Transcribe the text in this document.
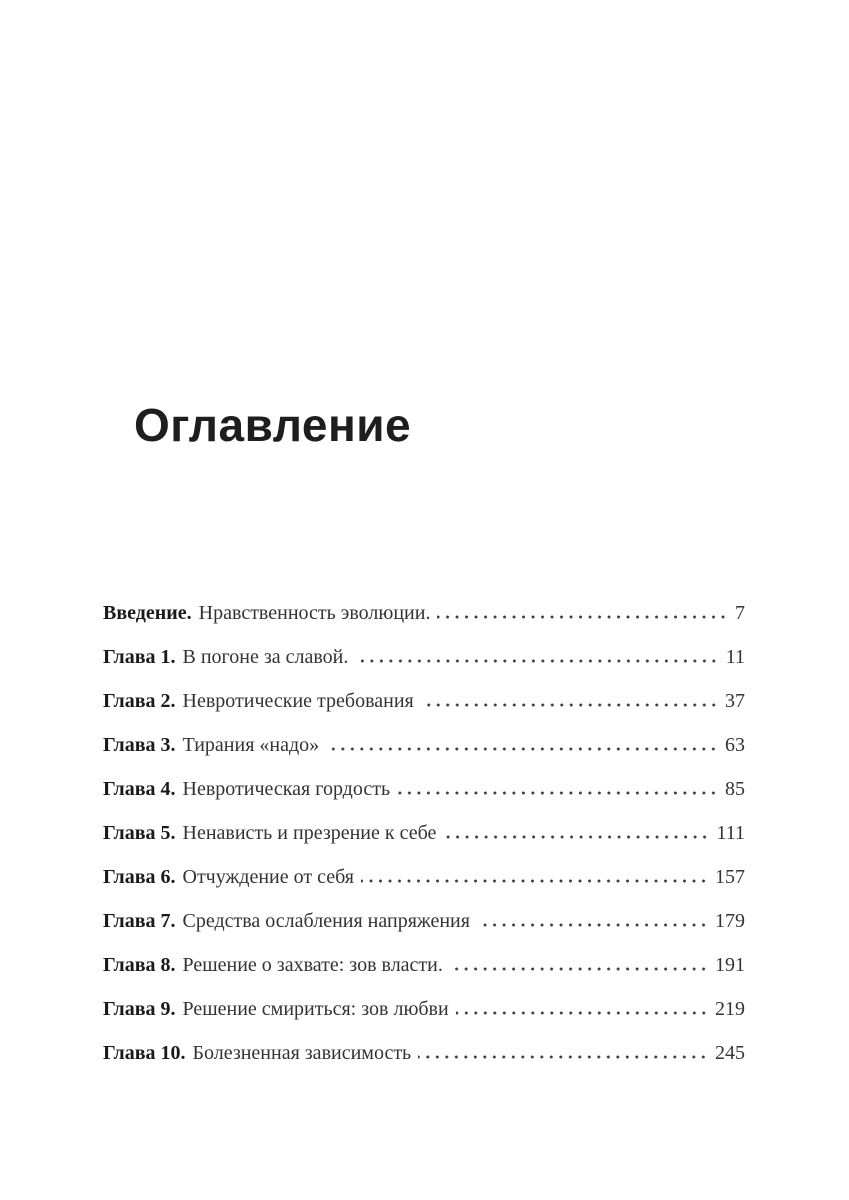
Оглавление
Введение. Нравственность эволюции.	7
Глава 1. В погоне за славой.	11
Глава 2. Невротические требования	37
Глава 3. Тирания «надо»	63
Глава 4. Невротическая гордость	85
Глава 5. Ненависть и презрение к себе	111
Глава 6. Отчуждение от себя	157
Глава 7. Средства ослабления напряжения	179
Глава 8. Решение о захвате: зов власти.	191
Глава 9. Решение смириться: зов любви	219
Глава 10. Болезненная зависимость	245
